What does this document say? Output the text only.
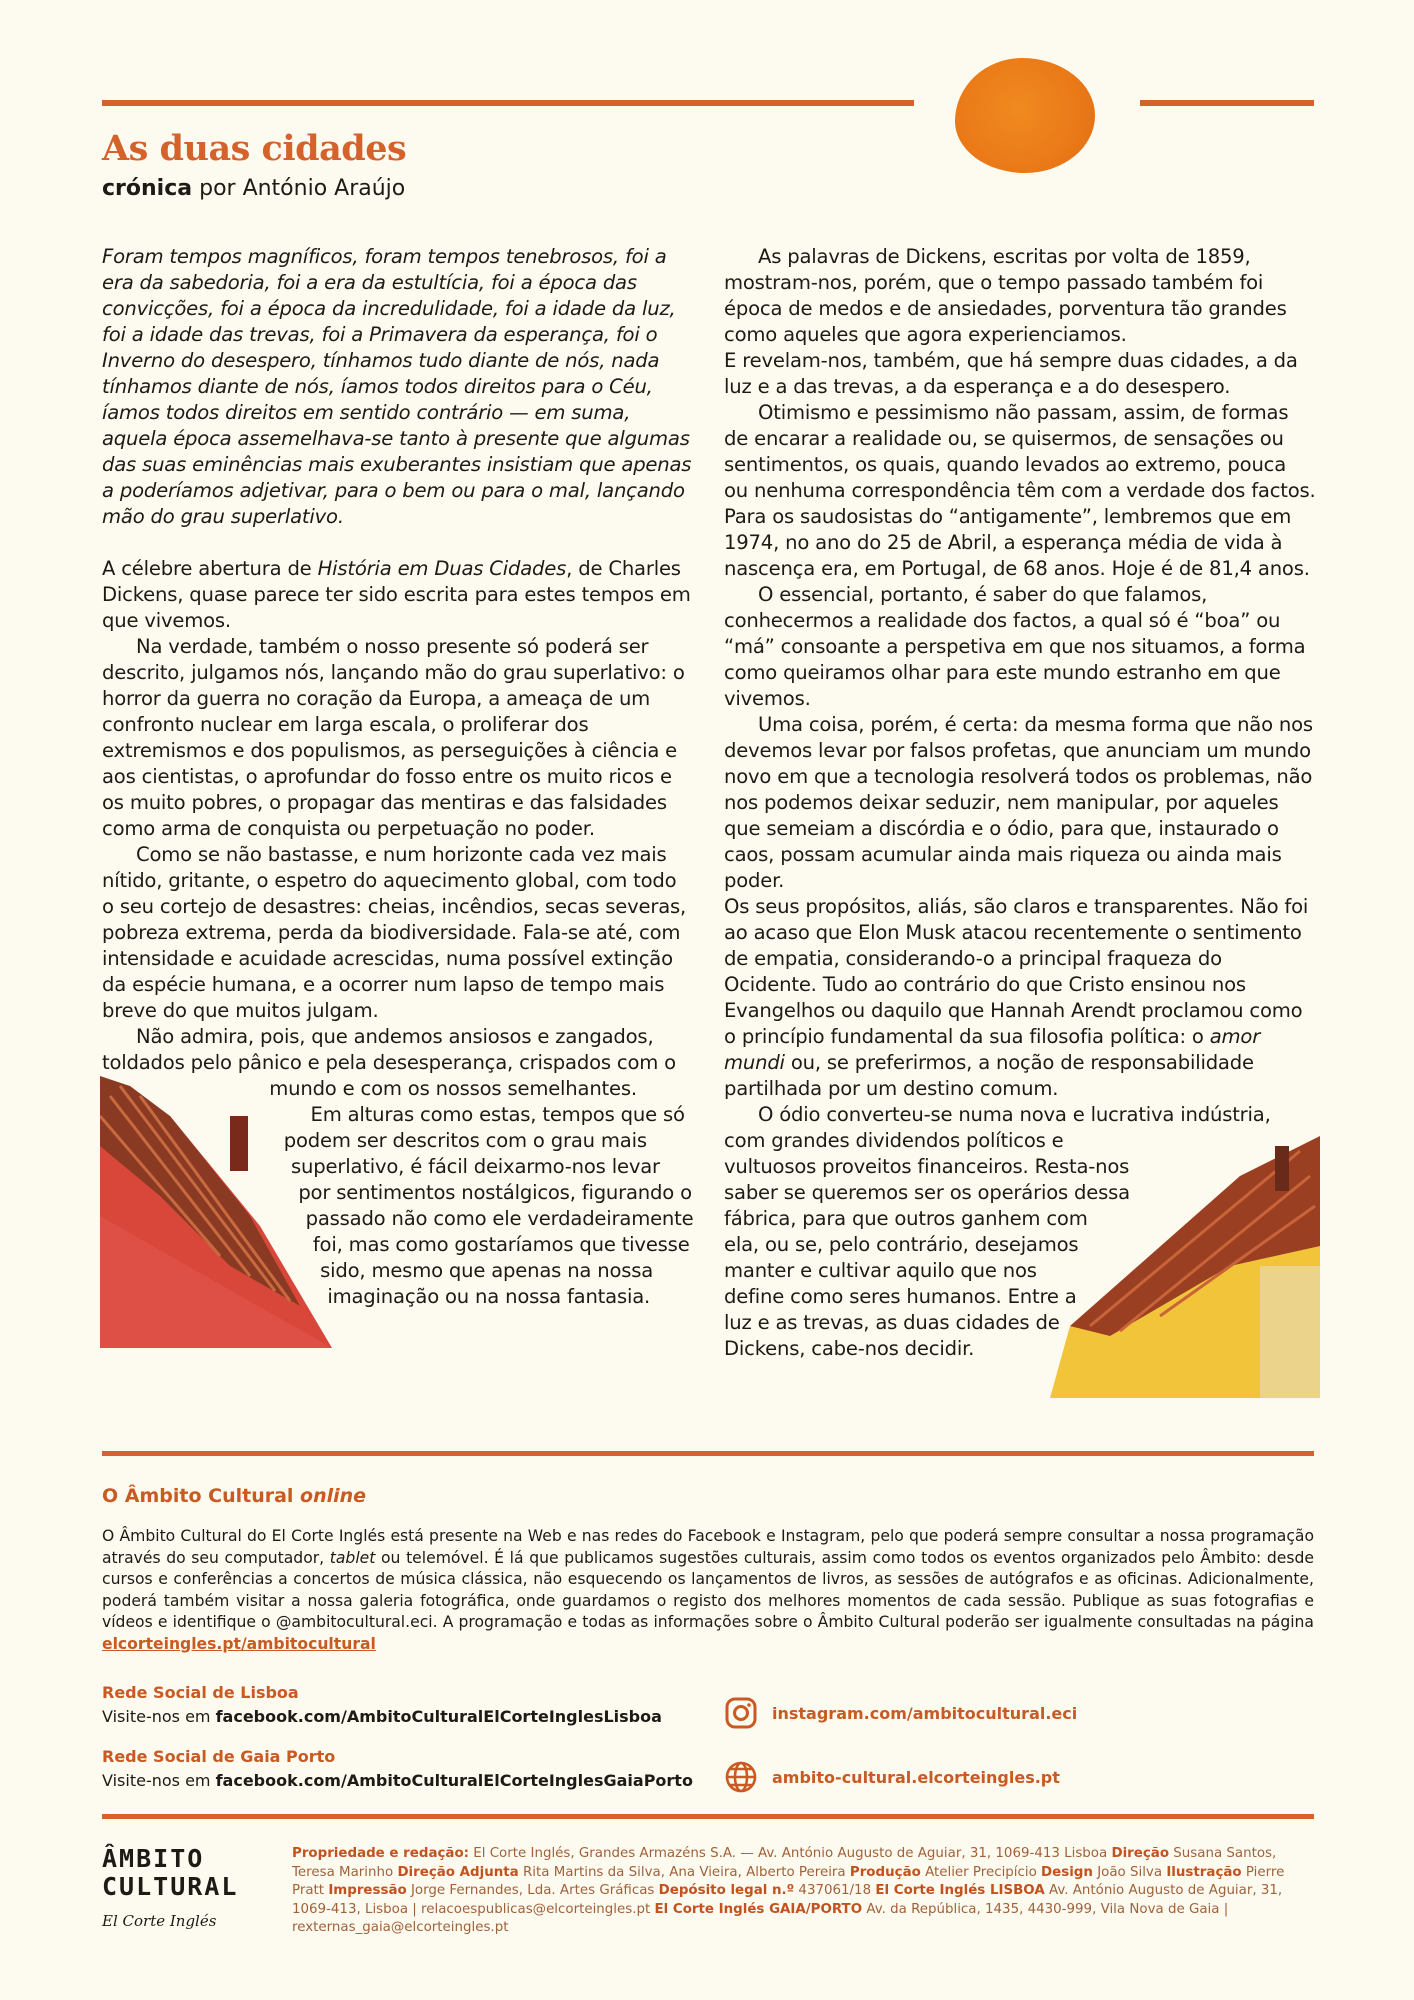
As duas cidades
crónica por António Araújo

Foram tempos magníficos, foram tempos tenebrosos, foi a era da sabedoria, foi a era da estultícia, foi a época das convicções, foi a época da incredulidade, foi a idade da luz, foi a idade das trevas, foi a Primavera da esperança, foi o Inverno do desespero, tínhamos tudo diante de nós, nada tínhamos diante de nós, íamos todos direitos para o Céu, íamos todos direitos em sentido contrário — em suma, aquela época assemelhava-se tanto à presente que algumas das suas eminências mais exuberantes insistiam que apenas a poderíamos adjetivar, para o bem ou para o mal, lançando mão do grau superlativo.

A célebre abertura de História em Duas Cidades, de Charles Dickens, quase parece ter sido escrita para estes tempos em que vivemos.

Na verdade, também o nosso presente só poderá ser descrito, julgamos nós, lançando mão do grau superlativo: o horror da guerra no coração da Europa, a ameaça de um confronto nuclear em larga escala, o proliferar dos extremismos e dos populismos, as perseguições à ciência e aos cientistas, o aprofundar do fosso entre os muito ricos e os muito pobres, o propagar das mentiras e das falsidades como arma de conquista ou perpetuação no poder.

Como se não bastasse, e num horizonte cada vez mais nítido, gritante, o espetro do aquecimento global, com todo o seu cortejo de desastres: cheias, incêndios, secas severas, pobreza extrema, perda da biodiversidade. Fala-se até, com intensidade e acuidade acrescidas, numa possível extinção da espécie humana, e a ocorrer num lapso de tempo mais breve do que muitos julgam.

Não admira, pois, que andemos ansiosos e zangados, toldados pelo pânico e pela desesperança,
crispados com o mundo e com os nossos semelhantes.

Em alturas como estas, tempos que só podem ser descritos com o grau mais superlativo, é fácil deixarmo-nos levar por sentimentos nostálgicos, figurando o passado não como ele verdadeiramente foi, mas como gostaríamos que tivesse sido, mesmo que apenas na nossa imaginação ou na nossa fantasia.

As palavras de Dickens, escritas por volta de 1859, mostram-nos, porém, que o tempo passado também foi época de medos e de ansiedades, porventura tão grandes como aqueles que agora experienciamos.

E revelam-nos, também, que há sempre duas cidades, a da luz e a das trevas, a da esperança e a do desespero.

Otimismo e pessimismo não passam, assim, de formas de encarar a realidade ou, se quisermos, de sensações ou sentimentos, os quais, quando levados ao extremo, pouca ou nenhuma correspondência têm com a verdade dos factos. Para os saudosistas do “antigamente”, lembremos que em 1974, no ano do 25 de Abril, a esperança média de vida à nascença era, em Portugal, de 68 anos. Hoje é de 81,4 anos.

O essencial, portanto, é saber do que falamos, conhecermos a realidade dos factos, a qual só é “boa” ou “má” consoante a perspetiva em que nos situamos, a forma como queiramos olhar para este mundo estranho em que vivemos.

Uma coisa, porém, é certa: da mesma forma que não nos devemos levar por falsos profetas, que anunciam um mundo novo em que a tecnologia resolverá todos os problemas, não nos podemos deixar seduzir, nem manipular, por aqueles que semeiam a discórdia e o ódio, para que, instaurado o caos, possam acumular ainda mais riqueza ou ainda mais poder.

Os seus propósitos, aliás, são claros e transparentes. Não foi ao acaso que Elon Musk atacou recentemente o sentimento de empatia, considerando-o a principal fraqueza do Ocidente. Tudo ao contrário do que Cristo ensinou nos Evangelhos ou daquilo que Hannah Arendt proclamou como o princípio fundamental da sua filosofia política: o amor mundi ou, se preferirmos, a noção de responsabilidade partilhada por um destino comum.

O ódio converteu-se numa nova e lucrativa
indústria, com grandes dividendos políticos e vultuosos proveitos financeiros. Resta-nos saber se queremos ser os operários dessa fábrica, para que outros ganhem com ela, ou se, pelo contrário, desejamos manter e cultivar aquilo que nos define como seres humanos. Entre a luz e as trevas, as duas cidades de Dickens, cabe-nos decidir.

O Âmbito Cultural online

O Âmbito Cultural do El Corte Inglés está presente na Web e nas redes do Facebook e Instagram, pelo que poderá sempre consultar a nossa programação através do seu computador, tablet ou telemóvel. É lá que publicamos sugestões culturais, assim como todos os eventos organizados pelo Âmbito: desde cursos e conferências a concertos de música clássica, não esquecendo os lançamentos de livros, as sessões de autógrafos e as oficinas. Adicionalmente, poderá também visitar a nossa galeria fotográfica, onde guardamos o registo dos melhores momentos de cada sessão. Publique as suas fotografias e vídeos e identifique o @ambitocultural.eci. A programação e todas as informações sobre o Âmbito Cultural poderão ser igualmente consultadas na página elcorteingles.pt/ambitocultural

Rede Social de Lisboa
Visite-nos em facebook.com/AmbitoCulturalElCorteInglesLisboa
Rede Social de Gaia Porto
Visite-nos em facebook.com/AmbitoCulturalElCorteInglesGaiaPorto
instagram.com/ambitocultural.eci
ambito-cultural.elcorteingles.pt
ÂMBITO
CULTURAL
El Corte Inglés

Propriedade e redação: El Corte Inglés, Grandes Armazéns S.A. — Av. António Augusto de Aguiar, 31, 1069-413 Lisboa Direção Susana Santos, Teresa Marinho Direção Adjunta Rita Martins da Silva, Ana Vieira, Alberto Pereira Produção Atelier Precipício Design João Silva Ilustração Pierre Pratt Impressão Jorge Fernandes, Lda. Artes Gráficas Depósito legal n.º 437061/18 El Corte Inglés LISBOA Av. António Augusto de Aguiar, 31, 1069-413, Lisboa | relacoespublicas@elcorteingles.pt El Corte Inglés GAIA/PORTO Av. da República, 1435, 4430-999, Vila Nova de Gaia | rexternas_gaia@elcorteingles.pt
